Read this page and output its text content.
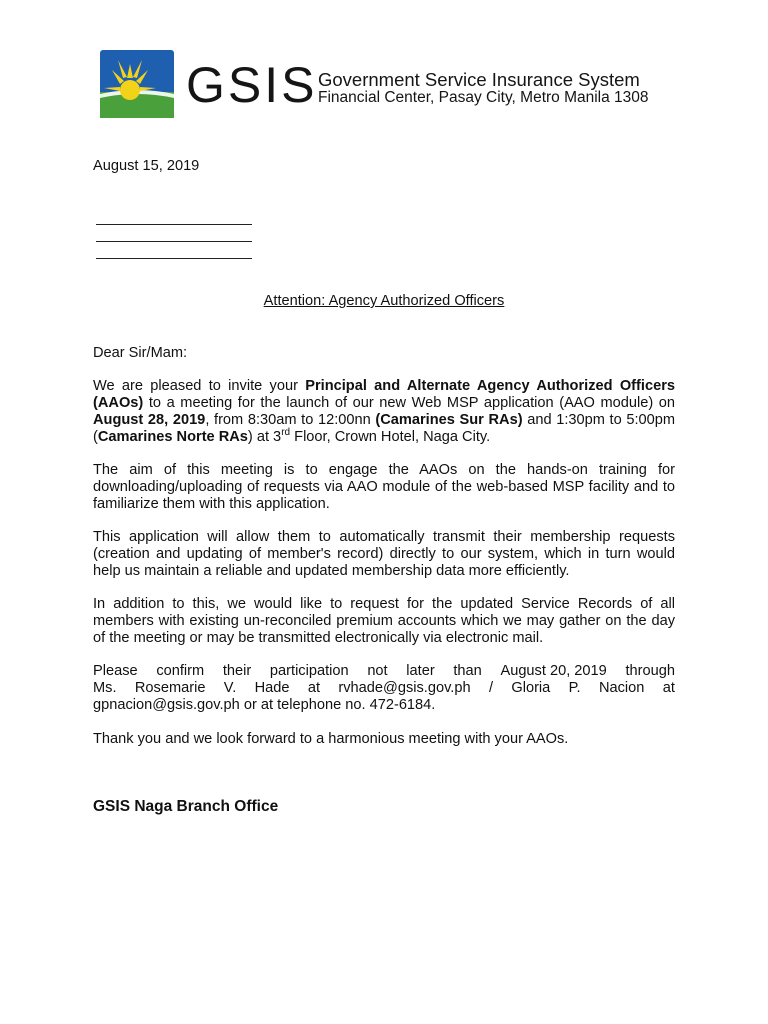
GSIS Government Service Insurance System
Financial Center, Pasay City, Metro Manila 1308
August 15, 2019
Attention: Agency Authorized Officers
Dear Sir/Mam:
We are pleased to invite your Principal and Alternate Agency Authorized Officers (AAOs) to a meeting for the launch of our new Web MSP application (AAO module) on August 28, 2019, from 8:30am to 12:00nn (Camarines Sur RAs) and 1:30pm to 5:00pm (Camarines Norte RAs) at 3rd Floor, Crown Hotel, Naga City.
The aim of this meeting is to engage the AAOs on the hands-on training for downloading/uploading of requests via AAO module of the web-based MSP facility and to familiarize them with this application.
This application will allow them to automatically transmit their membership requests (creation and updating of member's record) directly to our system, which in turn would help us maintain a reliable and updated membership data more efficiently.
In addition to this, we would like to request for the updated Service Records of all members with existing un-reconciled premium accounts which we may gather on the day of the meeting or may be transmitted electronically via electronic mail.
Please confirm their participation not later than August 20, 2019 through
Ms. Rosemarie V. Hade at rvhade@gsis.gov.ph / Gloria P. Nacion at
gpnacion@gsis.gov.ph or at telephone no. 472-6184.
Thank you and we look forward to a harmonious meeting with your AAOs.
GSIS Naga Branch Office
